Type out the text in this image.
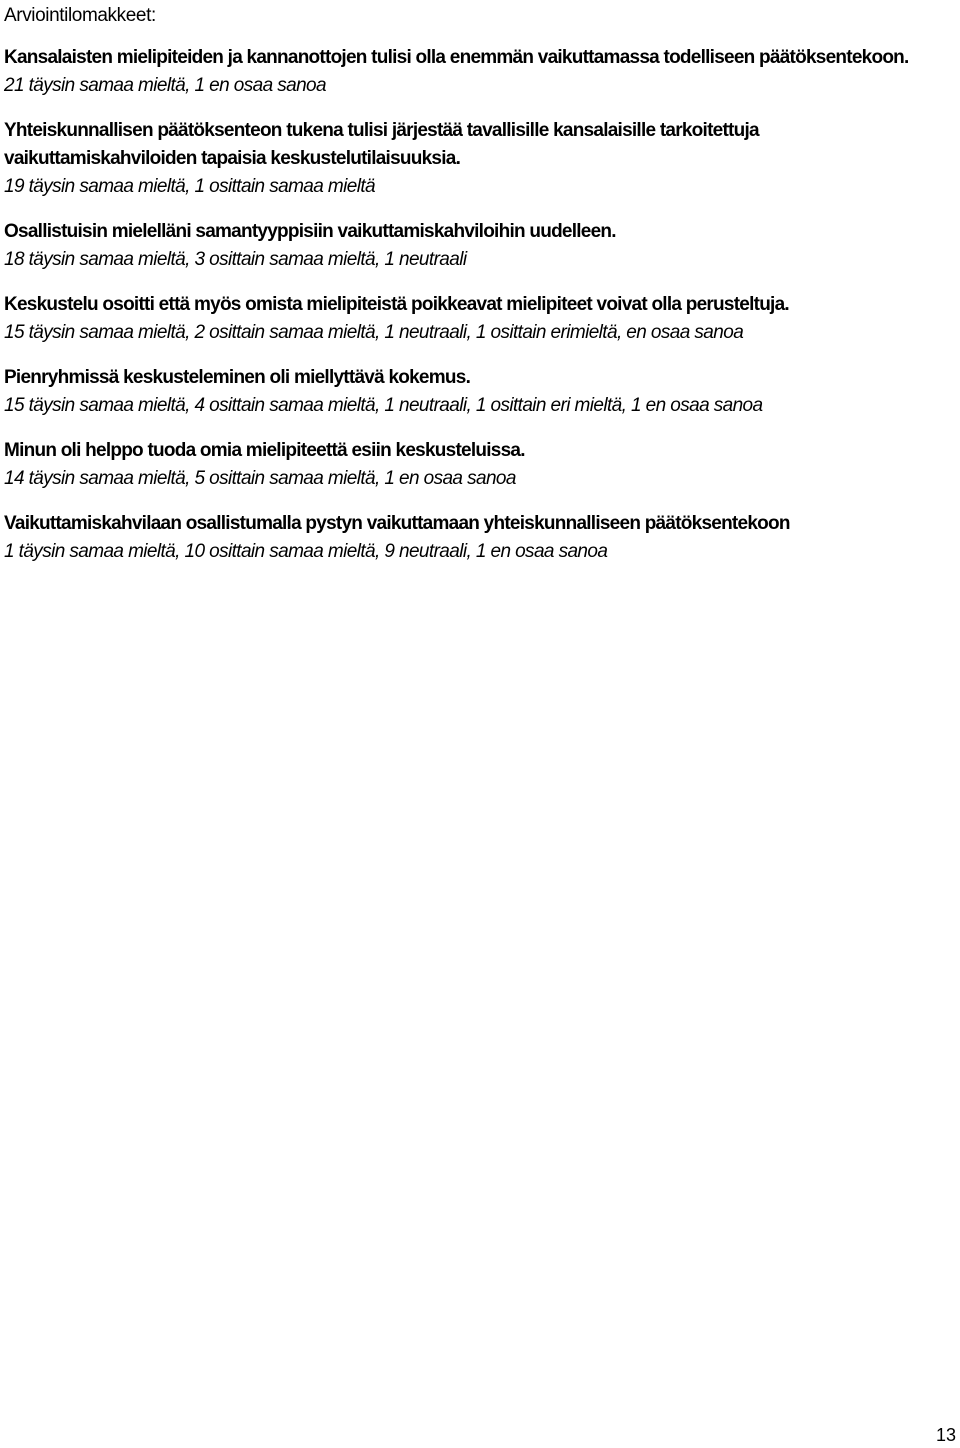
Arviointilomakkeet:
Kansalaisten mielipiteiden ja kannanottojen tulisi olla enemmän vaikuttamassa todelliseen päätöksentekoon.
21 täysin samaa mieltä, 1 en osaa sanoa
Yhteiskunnallisen päätöksenteon tukena tulisi järjestää tavallisille kansalaisille tarkoitettuja vaikuttamiskahviloiden tapaisia keskustelutilaisuuksia.
19 täysin samaa mieltä, 1 osittain samaa mieltä
Osallistuisin mielelläni samantyyppisiin vaikuttamiskahviloihin uudelleen.
18 täysin samaa mieltä, 3 osittain samaa mieltä, 1 neutraali
Keskustelu osoitti että myös omista mielipiteistä poikkeavat mielipiteet voivat olla perusteltuja.
15 täysin samaa mieltä, 2 osittain samaa mieltä, 1 neutraali, 1 osittain erimieltä, en osaa sanoa
Pienryhmissä keskusteleminen oli miellyttävä kokemus.
15 täysin samaa mieltä, 4 osittain samaa mieltä, 1 neutraali, 1 osittain eri mieltä, 1 en osaa sanoa
Minun oli helppo tuoda omia mielipiteettä esiin keskusteluissa.
14 täysin samaa mieltä, 5 osittain samaa mieltä, 1 en osaa sanoa
Vaikuttamiskahvilaan osallistumalla pystyn vaikuttamaan yhteiskunnalliseen päätöksentekoon
1 täysin samaa mieltä, 10 osittain samaa mieltä, 9 neutraali, 1 en osaa sanoa
13
